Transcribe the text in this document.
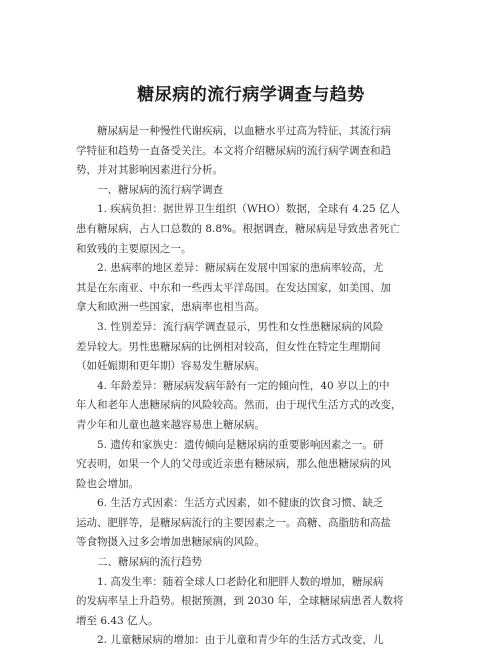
糖尿病的流行病学调查与趋势
糖尿病是一种慢性代谢疾病，以血糖水平过高为特征，其流行病
学特征和趋势一直备受关注。本文将介绍糖尿病的流行病学调查和趋
势，并对其影响因素进行分析。
一、糖尿病的流行病学调查
1. 疾病负担：据世界卫生组织（WHO）数据，全球有 4.25 亿人
患有糖尿病，占人口总数的 8.8%。根据调查，糖尿病是导致患者死亡
和致残的主要原因之一。
2. 患病率的地区差异：糖尿病在发展中国家的患病率较高，尤
其是在东南亚、中东和一些西太平洋岛国。在发达国家，如美国、加
拿大和欧洲一些国家，患病率也相当高。
3. 性别差异：流行病学调查显示，男性和女性患糖尿病的风险
差异较大。男性患糖尿病的比例相对较高，但女性在特定生理期间
（如妊娠期和更年期）容易发生糖尿病。
4. 年龄差异：糖尿病发病年龄有一定的倾向性，40 岁以上的中
年人和老年人患糖尿病的风险较高。然而，由于现代生活方式的改变，
青少年和儿童也越来越容易患上糖尿病。
5. 遗传和家族史：遗传倾向是糖尿病的重要影响因素之一。研
究表明，如果一个人的父母或近亲患有糖尿病，那么他患糖尿病的风
险也会增加。
6. 生活方式因素：生活方式因素，如不健康的饮食习惯、缺乏
运动、肥胖等，是糖尿病流行的主要因素之一。高糖、高脂肪和高盐
等食物摄入过多会增加患糖尿病的风险。
二、糖尿病的流行趋势
1. 高发生率：随着全球人口老龄化和肥胖人数的增加，糖尿病
的发病率呈上升趋势。根据预测，到 2030 年，全球糖尿病患者人数将
增至 6.43 亿人。
2. 儿童糖尿病的增加：由于儿童和青少年的生活方式改变，儿
